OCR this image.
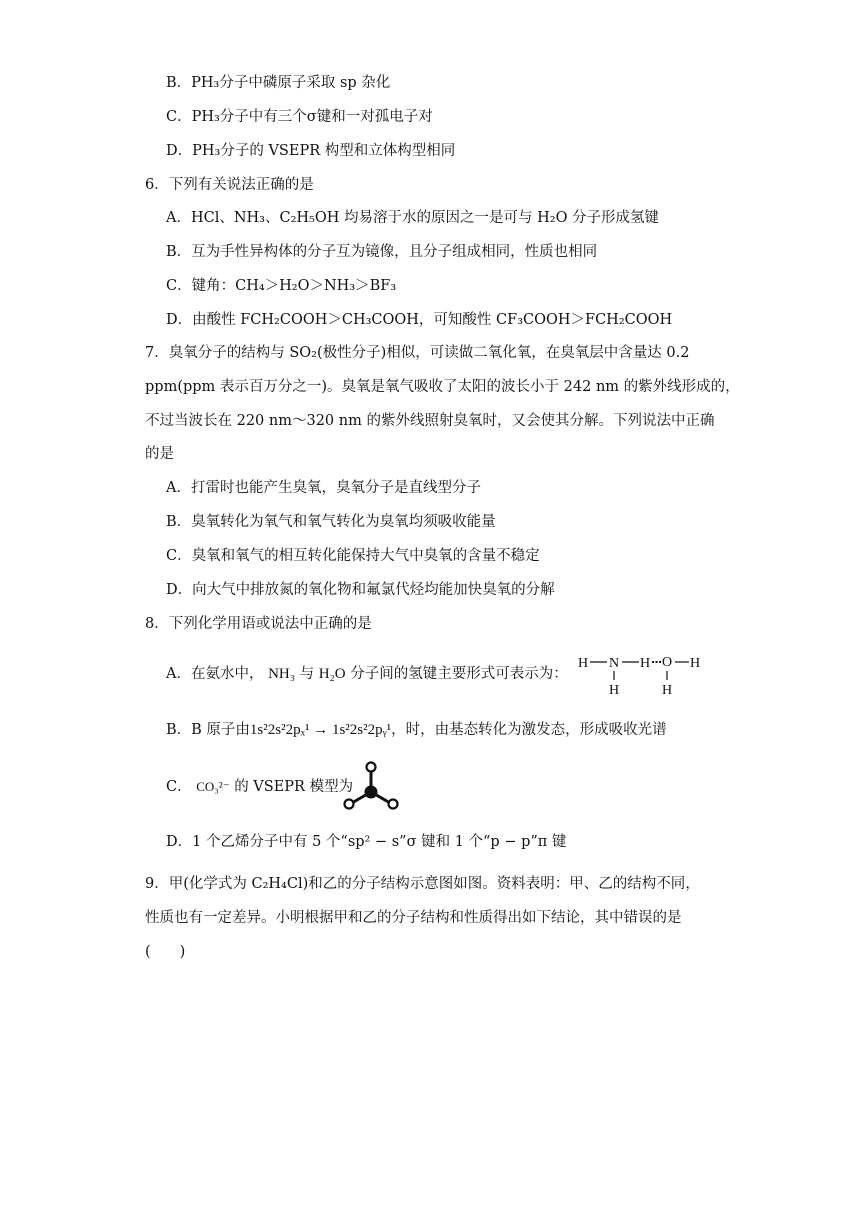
B．PH₃分子中磷原子采取 sp 杂化
C．PH₃分子中有三个σ键和一对孤电子对
D．PH₃分子的 VSEPR 构型和立体构型相同
6．下列有关说法正确的是
A．HCl、NH₃、C₂H₅OH 均易溶于水的原因之一是可与 H₂O 分子形成氢键
B．互为手性异构体的分子互为镜像，且分子组成相同，性质也相同
C．键角：CH₄＞H₂O＞NH₃＞BF₃
D．由酸性 FCH₂COOH＞CH₃COOH，可知酸性 CF₃COOH＞FCH₂COOH
7．臭氧分子的结构与 SO₂(极性分子)相似，可读做二氧化氧，在臭氧层中含量达 0.2
ppm(ppm 表示百万分之一)。臭氧是氧气吸收了太阳的波长小于 242 nm 的紫外线形成的，
不过当波长在 220 nm～320 nm 的紫外线照射臭氧时，又会使其分解。下列说法中正确
的是
A．打雷时也能产生臭氧，臭氧分子是直线型分子
B．臭氧转化为氧气和氧气转化为臭氧均须吸收能量
C．臭氧和氧气的相互转化能保持大气中臭氧的含量不稳定
D．向大气中排放氮的氧化物和氟氯代烃均能加快臭氧的分解
8．下列化学用语或说法中正确的是
A．在氨水中， NH₃ 与 H₂O 分子间的氢键主要形式可表示为：
H N H O H
H	H
B．B 原子由1s²2s²2pₓ¹ → 1s²2s²2pᵧ¹，时，由基态转化为激发态，形成吸收光谱
C． CO₃²⁻ 的 VSEPR 模型为
D．1 个乙烯分子中有 5 个“sp² − s”σ 键和 1 个“p − p”π 键
9．甲(化学式为 C₂H₄Cl)和乙的分子结构示意图如图。资料表明：甲、乙的结构不同，
性质也有一定差异。小明根据甲和乙的分子结构和性质得出如下结论，其中错误的是
(　　)
